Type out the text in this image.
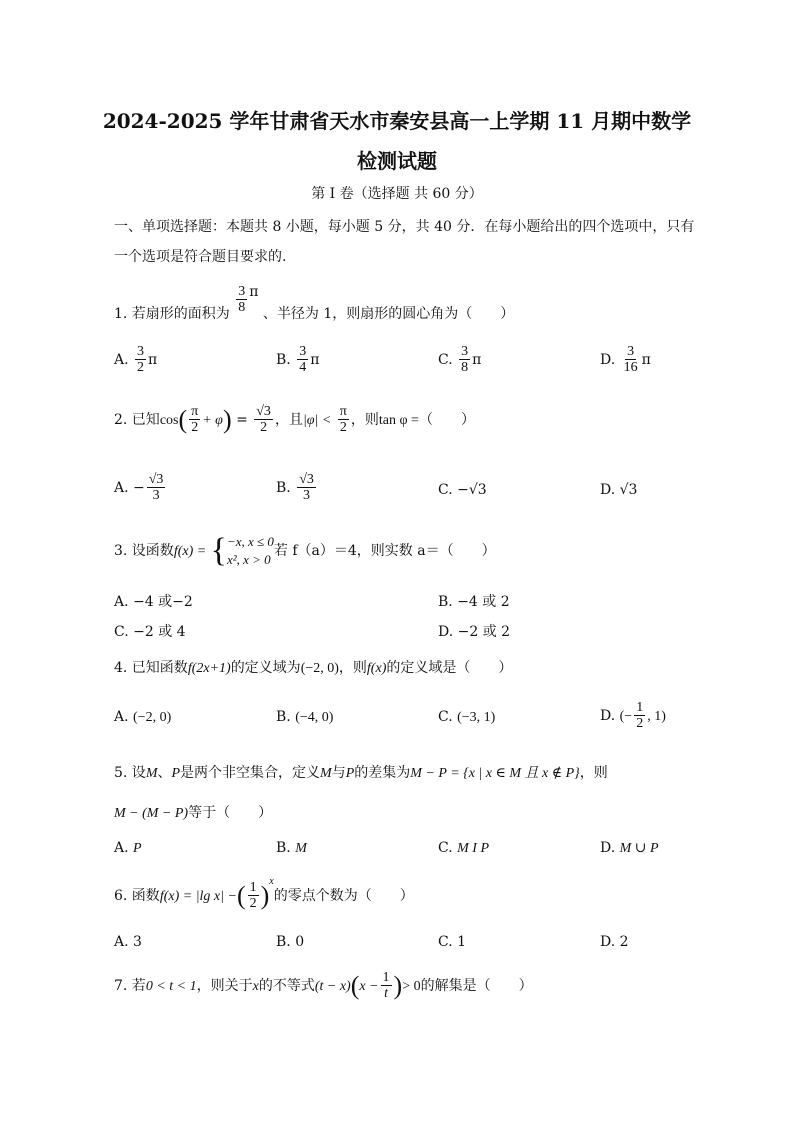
2024-2025 学年甘肃省天水市秦安县高一上学期 11 月期中数学
检测试题
第 I 卷（选择题 共 60 分）
一、单项选择题：本题共 8 小题，每小题 5 分，共 40 分．在每小题给出的四个选项中，只有
一个选项是符合题目要求的.
1. 若扇形的面积为 $\frac{3}{8}$ π 、半径为 1，则扇形的圆心角为（　　）
A. $\frac{3}{2}$ π	B. $\frac{3}{4}$ π	C. $\frac{3}{8}$ π	D. $\frac{3}{16}$ π
2. 已知$\cos( \frac{\pi}{2} + \varphi) = \frac{√3}{2}$ ，且$|\varphi| < \frac{\pi}{2}$ ，则tan φ =（　　）
A. − $\frac{√3}{3}$	B. $\frac{√3}{3}$	C. −√3	D. √3
3. 设函数f(x) = { −x, x ≤ 0
x², x > 0
若 f（a）＝4，则实数 a＝（　　）
A. −4 或−2	B. −4 或 2
C. −2 或 4	D. −2 或 2
4. 已知函数f(2x+1)的定义域为(−2, 0)，则f(x)的定义域是（　　）
A. (−2, 0)	B. (−4, 0)	C. (−3, 1)	D. (− $\frac{1}{2}$ , 1)
5. 设M、P是两个非空集合，定义M与P的差集为M − P = {x | x ∈ M 且 x ∉ P}，则
M − (M − P)等于（　　）
A. P	B. M	C. M I P	D. M ∪ P
6. 函数f(x) = |lg x| −( $\frac{1}{2} )^x$的零点个数为（　　）
A. 3	B. 0	C. 1	D. 2
7. 若0 < t < 1，则关于x的不等式$(t - x)(x - \frac{1}{t}$ )> 0的解集是（　　）
